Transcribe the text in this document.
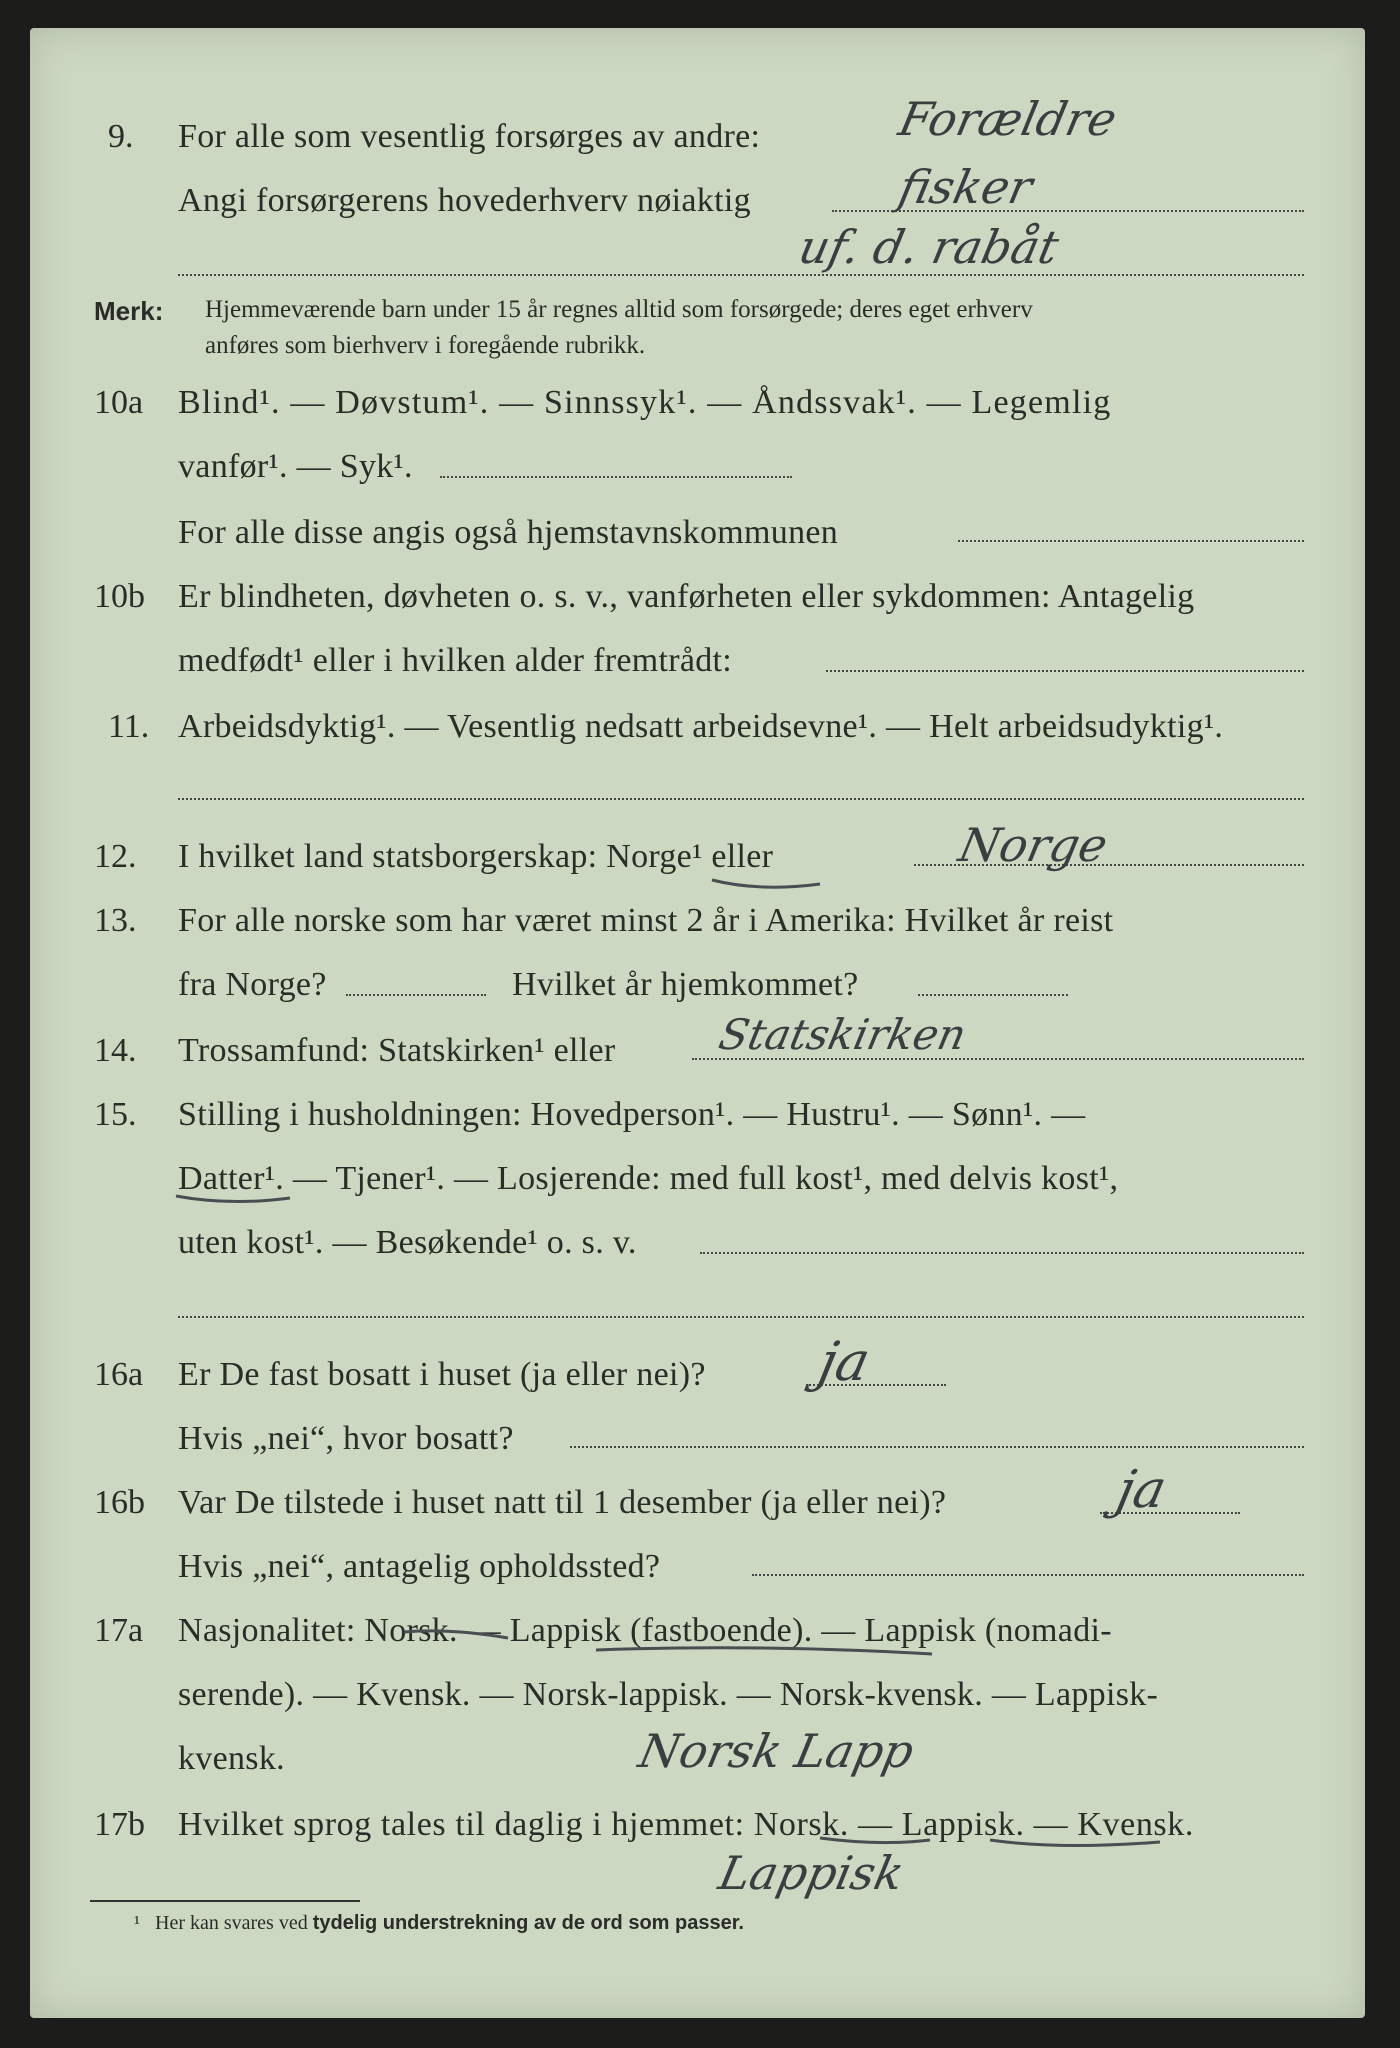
9. For alle som vesentlig forsørges av andre:	Forældre
Angi forsørgerens hovederhverv nøiaktig	fisker
uf. d. rabåt
Merk: Hjemmeværende barn under 15 år regnes alltid som forsørgede; deres eget erhverv
anføres som bierhverv i foregående rubrikk.
10a Blind¹. — Døvstum¹. — Sinnssyk¹. — Åndssvak¹. — Legemlig
vanfør¹. — Syk¹.
For alle disse angis også hjemstavnskommunen
10b Er blindheten, døvheten o. s. v., vanførheten eller sykdommen: Antagelig
medfødt¹ eller i hvilken alder fremtrådt:
11. Arbeidsdyktig¹. — Vesentlig nedsatt arbeidsevne¹. — Helt arbeidsudyktig¹.
12. I hvilket land statsborgerskap: Norge¹ eller	Norge
13. For alle norske som har været minst 2 år i Amerika: Hvilket år reist
fra Norge?	Hvilket år hjemkommet?
14. Trossamfund: Statskirken¹ eller Statskirken
15. Stilling i husholdningen: Hovedperson¹. — Hustru¹. — Sønn¹. —
Datter¹. — Tjener¹. — Losjerende: med full kost¹, med delvis kost¹,
uten kost¹. — Besøkende¹ o. s. v.
16a Er De fast bosatt i huset (ja eller nei)? ja
Hvis „nei“, hvor bosatt?
16b Var De tilstede i huset natt til 1 desember (ja eller nei)?	ja
Hvis „nei“, antagelig opholdssted?
17a Nasjonalitet: Norsk. — Lappisk (fastboende). — Lappisk (nomadi-
serende). — Kvensk. — Norsk-lappisk. — Norsk-kvensk. — Lappisk-
kvensk.	Norsk Lapp
17b Hvilket sprog tales til daglig i hjemmet: Norsk. — Lappisk. — Kvensk.
Lappisk
¹ Her kan svares ved tydelig understrekning av de ord som passer.
